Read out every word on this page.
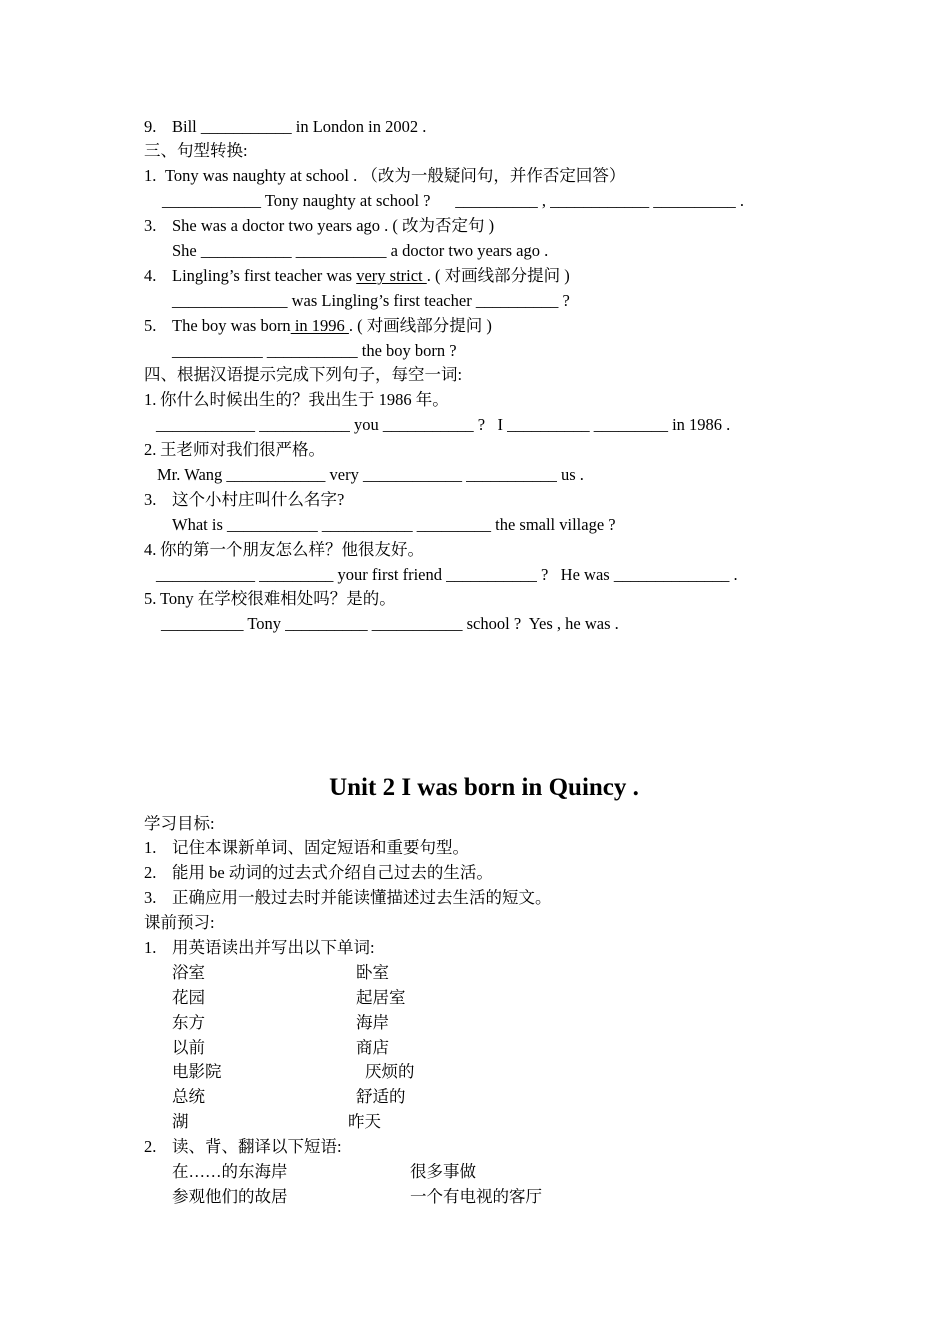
9. Bill ___________ in London in 2002 .
三、句型转换:
1. Tony was naughty at school . （改为一般疑问句，并作否定回答）
____________ Tony naughty at school ?      __________ , ____________ __________ .
3. She was a doctor two years ago . ( 改为否定句 )
She ___________ ___________ a doctor two years ago .
4. Lingling’s first teacher was very strict . ( 对画线部分提问 )
______________ was Lingling’s first teacher __________ ?
5. The boy was born in 1996 . ( 对画线部分提问 )
___________ ___________ the boy born ?
四、根据汉语提示完成下列句子，每空一词:
1. 你什么时候出生的？我出生于 1986 年。
____________ ___________ you ___________ ?   I __________ _________ in 1986 .
2. 王老师对我们很严格。
Mr. Wang ____________ very ____________ ___________ us .
3. 这个小村庄叫什么名字?
What is ___________ ___________ _________ the small village ?
4. 你的第一个朋友怎么样？他很友好。
____________ _________ your first friend ___________ ?   He was ______________ .
5. Tony 在学校很难相处吗？是的。
__________ Tony __________ ___________ school ?  Yes , he was .
Unit 2 I was born in Quincy .
学习目标:
1. 记住本课新单词、固定短语和重要句型。
2. 能用 be 动词的过去式介绍自己过去的生活。
3. 正确应用一般过去时并能读懂描述过去生活的短文。
课前预习:
1. 用英语读出并写出以下单词:
浴室	卧室
花园	起居室
东方	海岸
以前	商店
电影院	厌烦的
总统	舒适的
湖	昨天
2. 读、背、翻译以下短语:
在……的东海岸	很多事做
参观他们的故居	一个有电视的客厅
